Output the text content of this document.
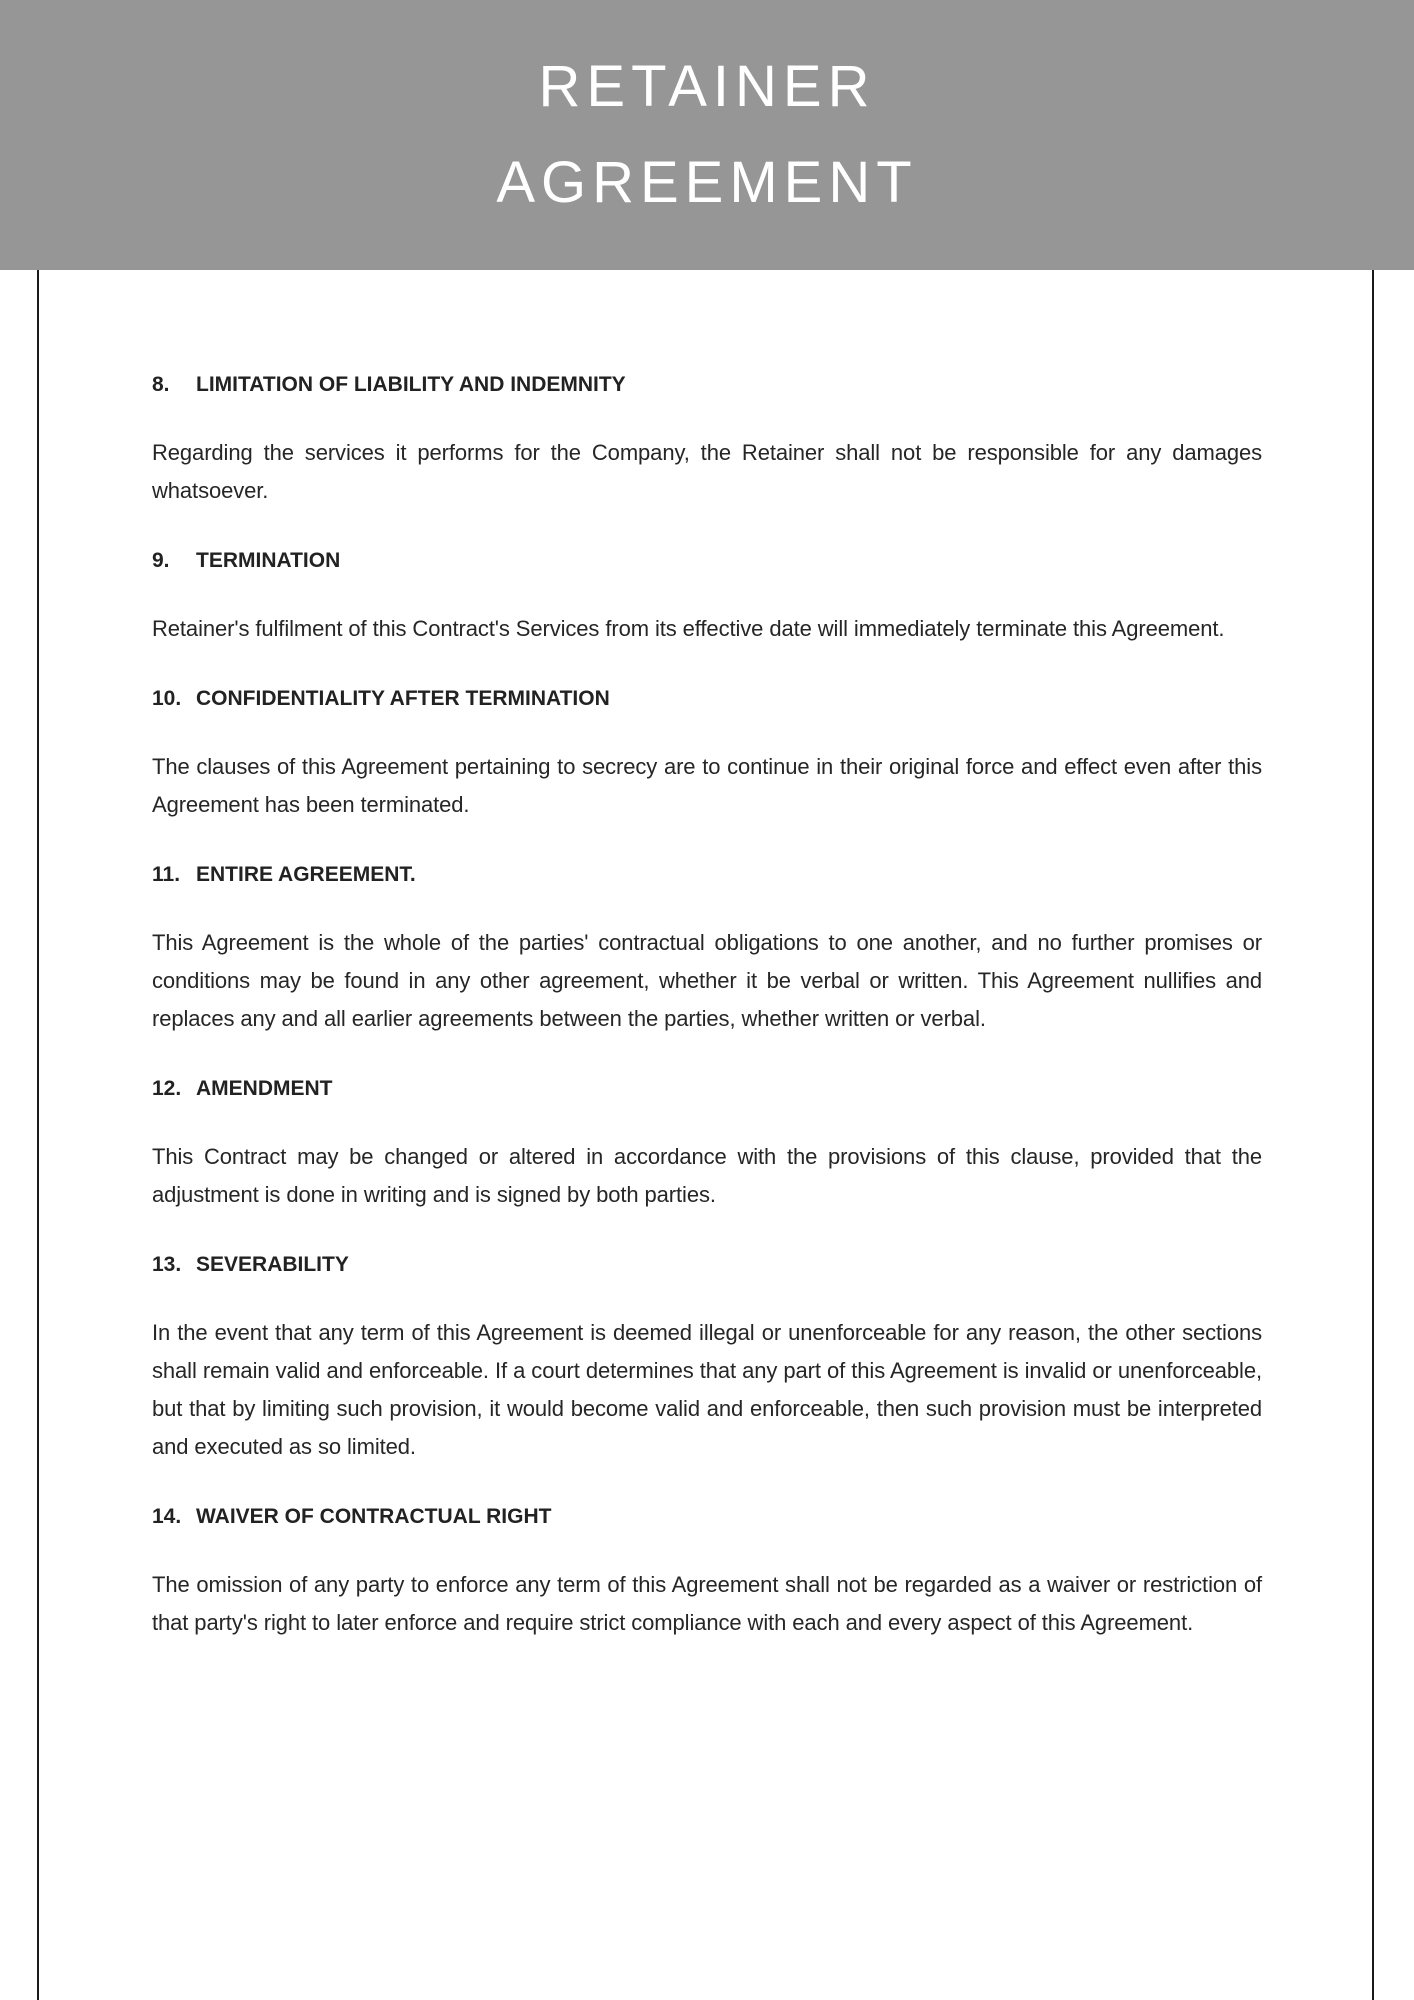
RETAINER
AGREEMENT
8.	LIMITATION OF LIABILITY AND INDEMNITY

Regarding the services it performs for the Company, the Retainer shall not be responsible for any damages whatsoever.

9.	TERMINATION

Retainer's fulfilment of this Contract's Services from its effective date will immediately terminate this Agreement.

10. CONFIDENTIALITY AFTER TERMINATION

The clauses of this Agreement pertaining to secrecy are to continue in their original force and effect even after this Agreement has been terminated.

11. ENTIRE AGREEMENT.

This Agreement is the whole of the parties' contractual obligations to one another, and no further promises or conditions may be found in any other agreement, whether it be verbal or written. This Agreement nullifies and replaces any and all earlier agreements between the parties, whether written or verbal.

12. AMENDMENT

This Contract may be changed or altered in accordance with the provisions of this clause, provided that the adjustment is done in writing and is signed by both parties.

13. SEVERABILITY

In the event that any term of this Agreement is deemed illegal or unenforceable for any reason, the other sections shall remain valid and enforceable. If a court determines that any part of this Agreement is invalid or unenforceable, but that by limiting such provision, it would become valid and enforceable, then such provision must be interpreted and executed as so limited.

14. WAIVER OF CONTRACTUAL RIGHT

The omission of any party to enforce any term of this Agreement shall not be regarded as a waiver or restriction of that party's right to later enforce and require strict compliance with each and every aspect of this Agreement.
